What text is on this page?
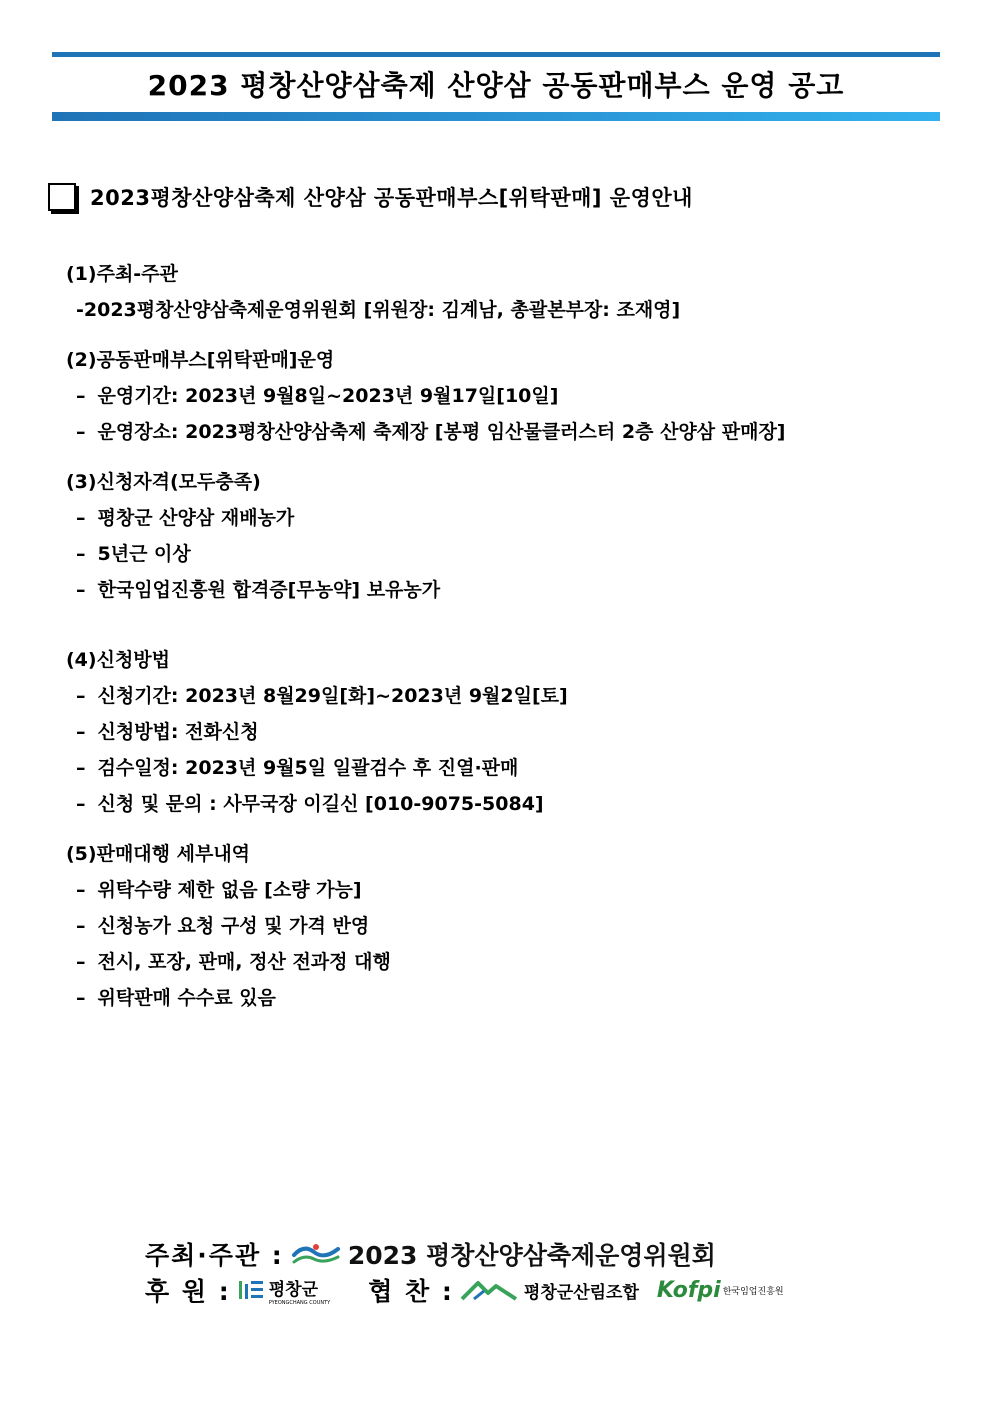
2023 평창산양삼축제 산양삼 공동판매부스 운영 공고
2023평창산양삼축제 산양삼 공동판매부스[위탁판매] 운영안내
(1)주최-주관
-2023평창산양삼축제운영위원회 [위원장: 김계남, 총괄본부장: 조재영]
(2)공동판매부스[위탁판매]운영
– 운영기간: 2023년 9월8일~2023년 9월17일[10일]
– 운영장소: 2023평창산양삼축제 축제장 [봉평 임산물클러스터 2층 산양삼 판매장]
(3)신청자격(모두충족)
– 평창군 산양삼 재배농가
– 5년근 이상
– 한국임업진흥원 합격증[무농약] 보유농가
(4)신청방법
– 신청기간: 2023년 8월29일[화]~2023년 9월2일[토]
– 신청방법: 전화신청
– 검수일정: 2023년 9월5일 일괄검수 후 진열·판매
– 신청 및 문의 : 사무국장 이길신 [010-9075-5084]
(5)판매대행 세부내역
– 위탁수량 제한 없음 [소량 가능]
– 신청농가 요청 구성 및 가격 반영
– 전시, 포장, 판매, 정산 전과정 대행
– 위탁판매 수수료 있음
주최·주관 :	2023 평창산양삼축제운영위원회
후 원 : 평창군
PYEONGCHANG COUNTY 협 찬 :	평창군산림조합 Kofpi 한국임업진흥원
